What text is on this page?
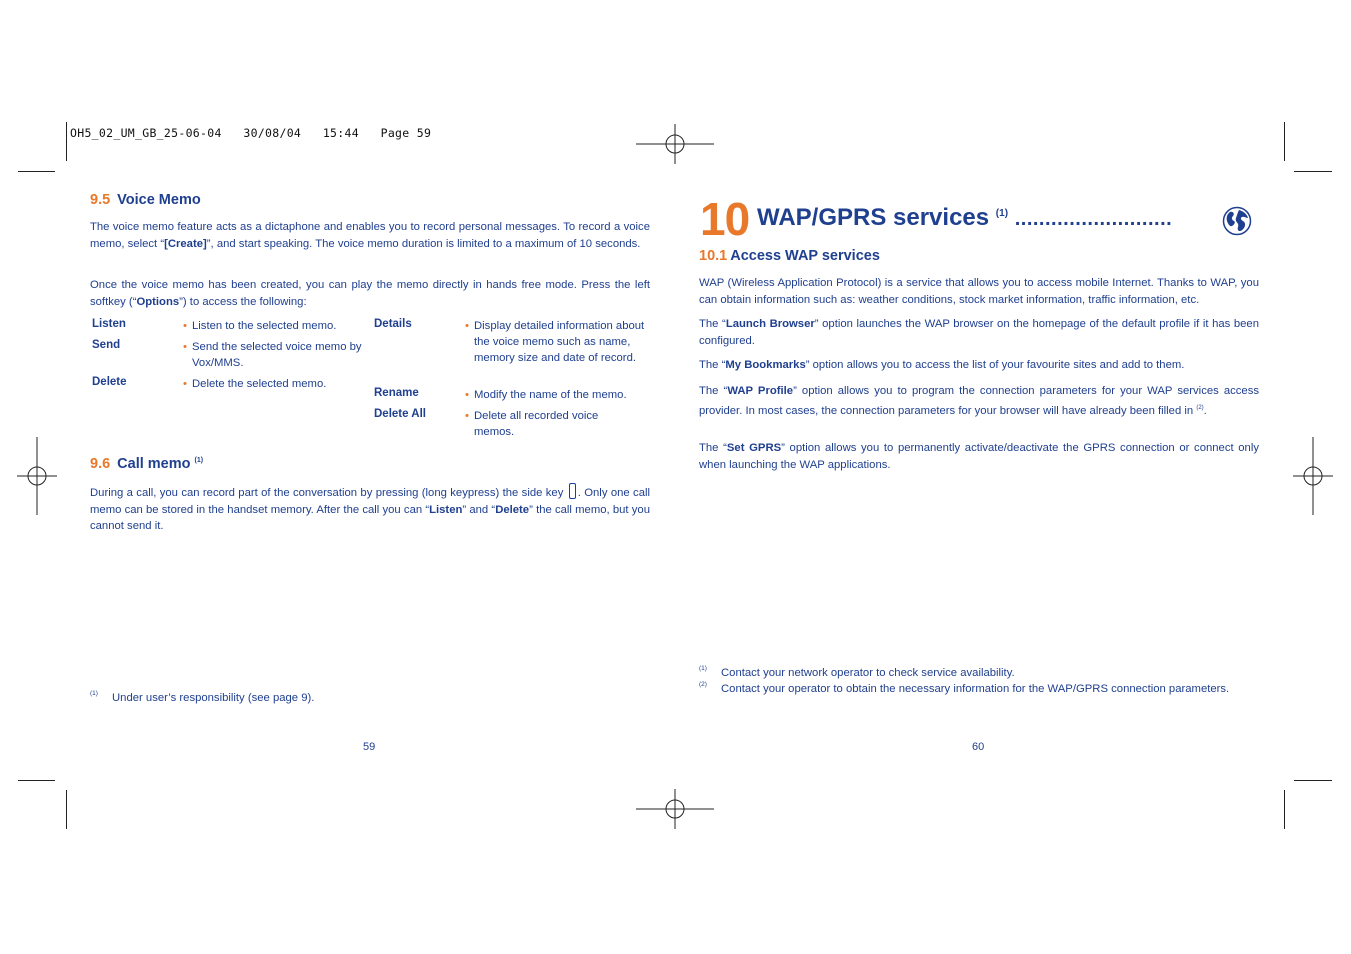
OH5_02_UM_GB_25-06-04   30/08/04   15:44   Page 59
9.5 Voice Memo
The voice memo feature acts as a dictaphone and enables you to record personal messages. To record a voice memo, select “[Create]”, and start speaking. The voice memo duration is limited to a maximum of 10 seconds.
Once the voice memo has been created, you can play the memo directly in hands free mode. Press the left softkey (“Options”) to access the following:
Listen	• Listen to the selected memo.
Send	• Send the selected voice memo by Vox/MMS.
Delete	• Delete the selected memo.
Details	• Display detailed information about the voice memo such as name, memory size and date of record.
Rename	• Modify the name of the memo.
Delete All	• Delete all recorded voice memos.
9.6 Call memo $^{(1)}$
During a call, you can record part of the conversation by pressing (long keypress) the side key . Only one call memo can be stored in the handset memory. After the call you can “Listen” and “Delete” the call memo, but you cannot send it.
(1) Under user’s responsibility (see page 9).
59
10 WAP/GPRS services $^{(1)}$ ..........................
10.1 Access WAP services
WAP (Wireless Application Protocol) is a service that allows you to access mobile Internet. Thanks to WAP, you can obtain information such as: weather conditions, stock market information, traffic information, etc.
The “Launch Browser” option launches the WAP browser on the homepage of the default profile if it has been configured.
The “My Bookmarks” option allows you to access the list of your favourite sites and add to them.
The “WAP Profile” option allows you to program the connection parameters for your WAP services access provider. In most cases, the connection parameters for your browser will have already been filled in $^{(2)}$.
The “Set GPRS” option allows you to permanently activate/deactivate the GPRS connection or connect only when launching the WAP applications.
(1) Contact your network operator to check service availability.
(2) Contact your operator to obtain the necessary information for the WAP/GPRS connection parameters.
60
